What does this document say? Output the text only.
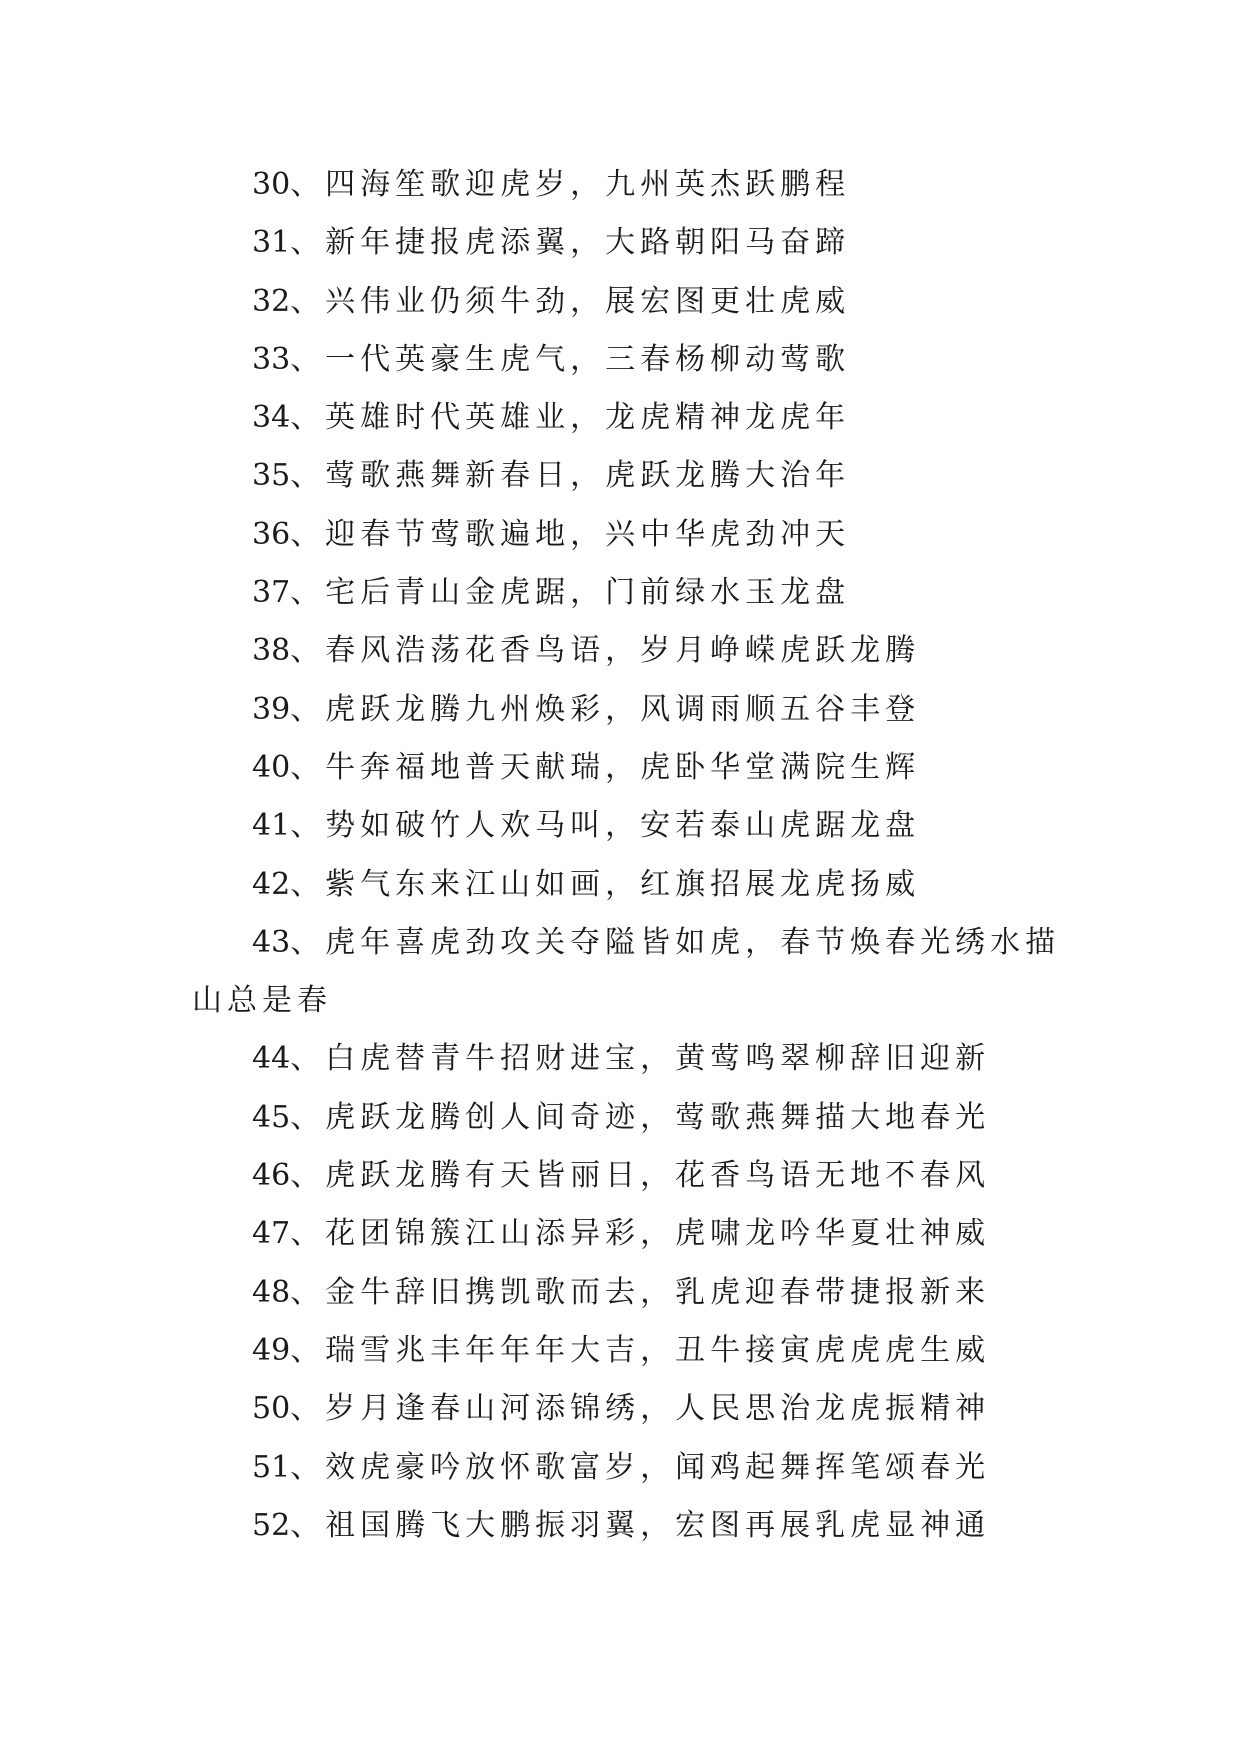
30、四海笙歌迎虎岁，九州英杰跃鹏程
31、新年捷报虎添翼，大路朝阳马奋蹄
32、兴伟业仍须牛劲，展宏图更壮虎威
33、一代英豪生虎气，三春杨柳动莺歌
34、英雄时代英雄业，龙虎精神龙虎年
35、莺歌燕舞新春日，虎跃龙腾大治年
36、迎春节莺歌遍地，兴中华虎劲冲天
37、宅后青山金虎踞，门前绿水玉龙盘
38、春风浩荡花香鸟语，岁月峥嵘虎跃龙腾
39、虎跃龙腾九州焕彩，风调雨顺五谷丰登
40、牛奔福地普天献瑞，虎卧华堂满院生辉
41、势如破竹人欢马叫，安若泰山虎踞龙盘
42、紫气东来江山如画，红旗招展龙虎扬威
43、虎年喜虎劲攻关夺隘皆如虎，春节焕春光绣水描山总是春
44、白虎替青牛招财进宝，黄莺鸣翠柳辞旧迎新
45、虎跃龙腾创人间奇迹，莺歌燕舞描大地春光
46、虎跃龙腾有天皆丽日，花香鸟语无地不春风
47、花团锦簇江山添异彩，虎啸龙吟华夏壮神威
48、金牛辞旧携凯歌而去，乳虎迎春带捷报新来
49、瑞雪兆丰年年年大吉，丑牛接寅虎虎虎生威
50、岁月逢春山河添锦绣，人民思治龙虎振精神
51、效虎豪吟放怀歌富岁，闻鸡起舞挥笔颂春光
52、祖国腾飞大鹏振羽翼，宏图再展乳虎显神通
